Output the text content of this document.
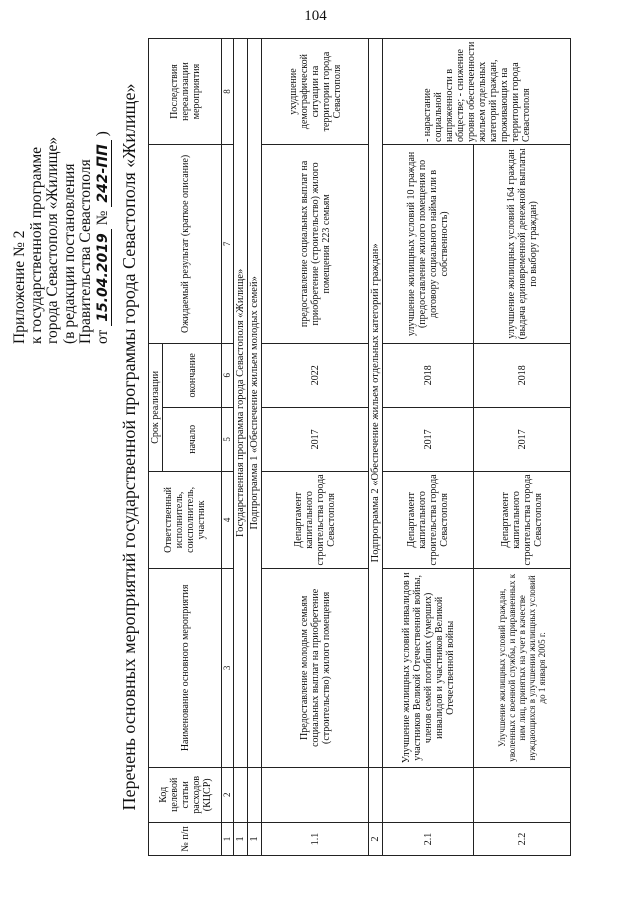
104
Приложение № 2 к государственной программе города Севастополя «Жилище» (в редакции постановления Правительства Севастополя от 15.04.2019 № 242-ПП ) Перечень основных мероприятий государственной программы города Севастополя «Жилище»
№ п/п	Код целевой статьи расходов (КЦСР)	Наименование основного мероприятия	Ответственный исполнитель, соисполнитель, участник	Срок реализации		Ожидаемый результат (краткое описание)	Последствия нереализации мероприятия
				начало	окончание		
1	2	3	4	5	6	7	8
1		Государственная программа города Севастополя «Жилище»					
1		Подпрограмма 1 «Обеспечение жильем молодых семей»					
1.1		Предоставление молодым семьям социальных выплат на приобретение (строительство) жилого помещения	Департамент капитального строительства города Севастополя	2017	2022	предоставление социальных выплат на приобретение (строительство) жилого помещения 223 семьям	ухудшение демографической ситуации на территории города Севастополя
2		Подпрограмма 2 «Обеспечение жильем отдельных категорий граждан»					
2.1		Улучшение жилищных условий инвалидов и участников Великой Отечественной войны, членов семей погибших (умерших) инвалидов и участников Великой Отечественной войны	Департамент капитального строительства города Севастополя	2017	2018	улучшение жилищных условий 10 граждан (предоставление жилого помещения по договору социального найма или в собственность)	- нарастание социальной напряженности в обществе; - снижение уровня обеспеченности жильем отдельных категорий граждан, проживающих на территории города Севастополя
2.2		Улучшение жилищных условий граждан, уволенных с военной службы, и приравненных к ним лиц, принятых на учет в качестве нуждающихся в улучшении жилищных условий до 1 января 2005 г.	Департамент капитального строительства города Севастополя	2017	2018	улучшение жилищных условий 164 граждан (выдача единовременной денежной выплаты по выбору граждан)	
